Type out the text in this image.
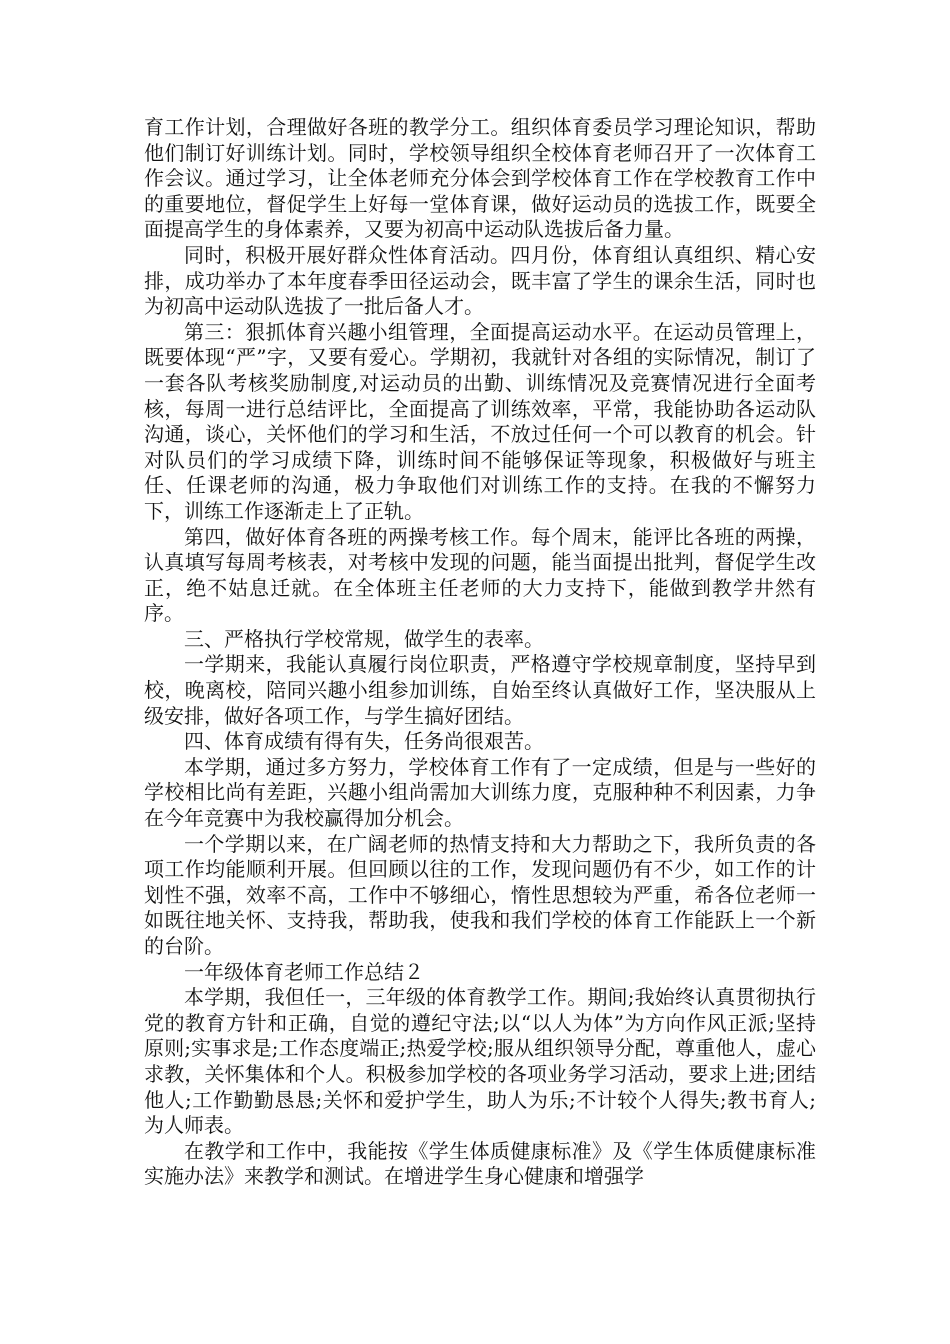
育工作计划，合理做好各班的教学分工。组织体育委员学习理论知识，帮助他们制订好训练计划。同时，学校领导组织全校体育老师召开了一次体育工作会议。通过学习，让全体老师充分体会到学校体育工作在学校教育工作中的重要地位，督促学生上好每一堂体育课，做好运动员的选拔工作，既要全面提高学生的身体素养，又要为初高中运动队选拔后备力量。

同时，积极开展好群众性体育活动。四月份，体育组认真组织、精心安排，成功举办了本年度春季田径运动会，既丰富了学生的课余生活，同时也为初高中运动队选拔了一批后备人才。

第三：狠抓体育兴趣小组管理，全面提高运动水平。在运动员管理上，既要体现“严”字，又要有爱心。学期初，我就针对各组的实际情况，制订了一套各队考核奖励制度,对运动员的出勤、训练情况及竞赛情况进行全面考核，每周一进行总结评比，全面提高了训练效率，平常，我能协助各运动队沟通，谈心，关怀他们的学习和生活，不放过任何一个可以教育的机会。针对队员们的学习成绩下降，训练时间不能够保证等现象，积极做好与班主任、任课老师的沟通，极力争取他们对训练工作的支持。在我的不懈努力下，训练工作逐渐走上了正轨。

第四，做好体育各班的两操考核工作。每个周末，能评比各班的两操，认真填写每周考核表，对考核中发现的问题，能当面提出批判，督促学生改正，绝不姑息迁就。在全体班主任老师的大力支持下，能做到教学井然有序。

三、严格执行学校常规，做学生的表率。

一学期来，我能认真履行岗位职责，严格遵守学校规章制度，坚持早到校，晚离校，陪同兴趣小组参加训练，自始至终认真做好工作，坚决服从上级安排，做好各项工作，与学生搞好团结。

四、体育成绩有得有失，任务尚很艰苦。

本学期，通过多方努力，学校体育工作有了一定成绩，但是与一些好的学校相比尚有差距，兴趣小组尚需加大训练力度，克服种种不利因素，力争在今年竞赛中为我校赢得加分机会。

一个学期以来，在广阔老师的热情支持和大力帮助之下，我所负责的各项工作均能顺利开展。但回顾以往的工作，发现问题仍有不少，如工作的计划性不强，效率不高，工作中不够细心，惰性思想较为严重，希各位老师一如既往地关怀、支持我，帮助我，使我和我们学校的体育工作能跃上一个新的台阶。

一年级体育老师工作总结２

本学期，我但任一，三年级的体育教学工作。期间;我始终认真贯彻执行党的教育方针和正确，自觉的遵纪守法;以“以人为体”为方向作风正派;坚持原则;实事求是;工作态度端正;热爱学校;服从组织领导分配，尊重他人，虚心求教，关怀集体和个人。积极参加学校的各项业务学习活动，要求上进;团结他人;工作勤勤恳恳;关怀和爱护学生，助人为乐;不计较个人得失;教书育人;为人师表。

在教学和工作中，我能按《学生体质健康标准》及《学生体质健康标准实施办法》来教学和测试。在增进学生身心健康和增强学
